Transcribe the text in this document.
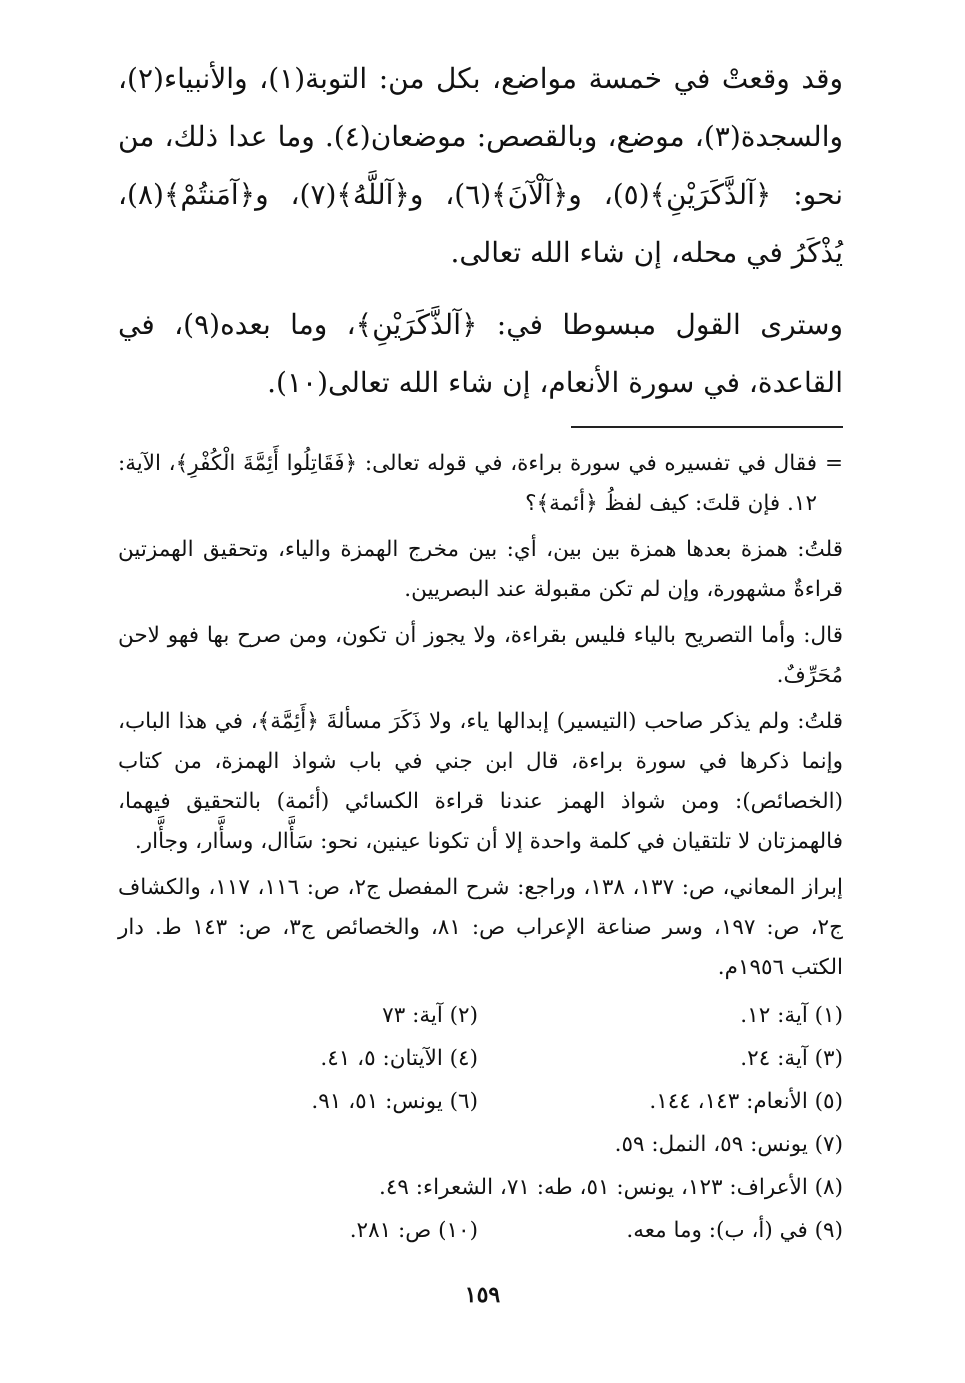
وقد وقعتْ في خمسة مواضع، بكل من: التوبة(١)، والأنبياء(٢)، والسجدة(٣)، موضع، وبالقصص: موضعان(٤). وما عدا ذلك، من نحو: ﴿آلذَّكَرَيْنِ﴾(٥)، و﴿آلْآنَ﴾(٦)، و﴿آللَّهُ﴾(٧)، و﴿آمَنتُمْ﴾(٨)، يُذْكَرُ في محله، إن شاء الله تعالى.

وسترى القول مبسوطا في: ﴿آلذَّكَرَيْنِ﴾، وما بعده(٩)، في القاعدة، في سورة الأنعام، إن شاء الله تعالى(١٠).

=
فقال في تفسيره في سورة براءة، في قوله تعالى: ﴿فَقَاتِلُوا أَئِمَّةَ الْكُفْرِ﴾، الآية: ١٢. فإن قلتَ: كيف لفظُ ﴿أئمة﴾؟

قلتُ: همزة بعدها همزة بين بين، أي: بين مخرج الهمزة والياء، وتحقيق الهمزتين قراءةٌ مشهورة، وإن لم تكن مقبولة عند البصريين.

قال: وأما التصريح بالياء فليس بقراءة، ولا يجوز أن تكون، ومن صرح بها فهو لاحن مُحَرِّفٌ.

قلتُ: ولم يذكر صاحب (التيسير) إبدالها ياء، ولا ذَكَرَ مسألةَ ﴿أَئِمَّة﴾، في هذا الباب، وإنما ذكرها في سورة براءة، قال ابن جني في باب شواذ الهمزة، من كتاب (الخصائص): ومن شواذ الهمز عندنا قراءة الكسائي (أئمة) بالتحقيق فيهما، فالهمزتان لا تلتقيان في كلمة واحدة إلا أن تكونا عينين، نحو: سَأَّال، وسأَّار، وجأَّار.

إبراز المعاني، ص: ١٣٧، ١٣٨، وراجع: شرح المفصل ج٢، ص: ١١٦، ١١٧، والكشاف ج٢، ص: ١٩٧، وسر صناعة الإعراب ص: ٨١، والخصائص ج٣، ص: ١٤٣ ط. دار الكتب ١٩٥٦م.

(١) آية: ١٢.
(٢) آية: ٧٣
(٣) آية: ٢٤.
(٤) الآيتان: ٥، ٤١.
(٥) الأنعام: ١٤٣، ١٤٤.
(٦) يونس: ٥١، ٩١.
(٧) يونس: ٥٩، النمل: ٥٩.
(٨) الأعراف: ١٢٣، يونس: ٥١، طه: ٧١، الشعراء: ٤٩.
(٩) في (أ، ب): وما معه.
(١٠) ص: ٢٨١.
١٥٩
